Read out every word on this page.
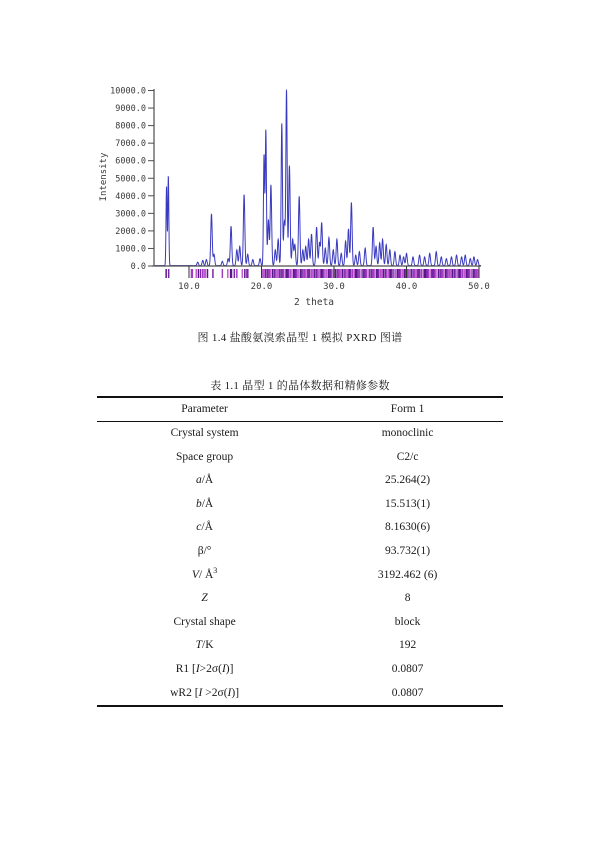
0.0
1000.0
2000.0
3000.0
4000.0
5000.0
6000.0
7000.0
8000.0
9000.0
10000.0
10.0	20.0	30.0	40.0	50.0
Intensity
2 theta
图 1.4 盐酸氨溴索晶型 1 模拟 PXRD 图谱
表 1.1 晶型 1 的晶体数据和精修参数
Parameter	Form 1
Crystal system	monoclinic
Space group	C2/c
a/Å	25.264(2)
b/Å	15.513(1)
c/Å	8.1630(6)
β/°	93.732(1)
V/ $Å^3$	3192.462 (6)
Z	8
Crystal shape	block
T/K	192
R1 [I>2σ(I)]	0.0807
wR2 [I >2σ(I)]	0.0807
